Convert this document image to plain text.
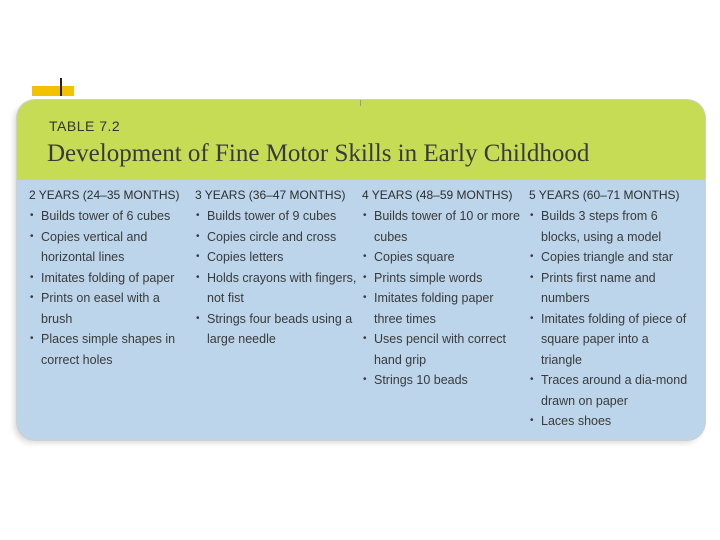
TABLE 7.2
Development of Fine Motor Skills in Early Childhood
2 YEARS (24–35 MONTHS)
• Builds tower of 6 cubes
• Copies vertical and horizontal lines
• Imitates folding of paper
• Prints on easel with a brush
• Places simple shapes in correct holes
3 YEARS (36–47 MONTHS)
• Builds tower of 9 cubes
• Copies circle and cross
• Copies letters
• Holds crayons with fingers, not fist
• Strings four beads using a large needle
4 YEARS (48–59 MONTHS)
• Builds tower of 10 or more cubes
• Copies square
• Prints simple words
• Imitates folding paper three times
• Uses pencil with correct hand grip
• Strings 10 beads
5 YEARS (60–71 MONTHS)
• Builds 3 steps from 6 blocks, using a model
• Copies triangle and star
• Prints first name and numbers
• Imitates folding of piece of square paper into a triangle
• Traces around a dia-mond drawn on paper
• Laces shoes
